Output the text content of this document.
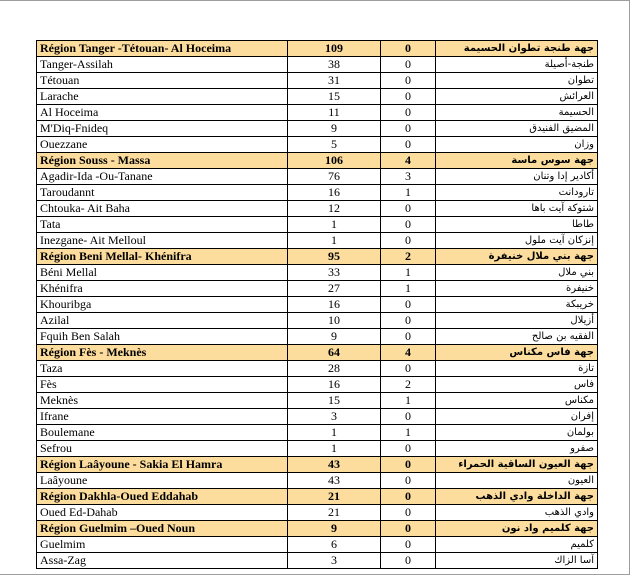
Région Tanger -Tétouan- Al Hoceima	109	0	جهة طنجة تطوان الحسيمة
Tanger-Assilah	38	0	طنجة-أصيلة
Tétouan	31	0	تطوان
Larache	15	0	العرائش
Al Hoceima	11	0	الحسيمة
M'Diq-Fnideq	9	0	المضيق الفنيدق
Ouezzane	5	0	وزان
Région Souss - Massa	106	4	جهة سوس ماسة
Agadir-Ida -Ou-Tanane	76	3	أكادير إدا وتنان
Taroudannt	16	1	تارودانت
Chtouka- Ait Baha	12	0	شتوكة آيت باها
Tata	1	0	طاطا
Inezgane- Ait Melloul	1	0	إنزكان آيت ملول
Région Beni Mellal- Khénifra	95	2	جهة بني ملال خنيفرة
Béni Mellal	33	1	بني ملال
Khénifra	27	1	خنيفرة
Khouribga	16	0	خريبكة
Azilal	10	0	أزيلال
Fquih Ben Salah	9	0	الفقيه بن صالح
Région Fès - Meknès	64	4	جهة فاس مكناس
Taza	28	0	تازة
Fès	16	2	فاس
Meknès	15	1	مكناس
Ifrane	3	0	إفران
Boulemane	1	1	بولمان
Sefrou	1	0	صفرو
Région Laâyoune - Sakia El Hamra	43	0	جهة العيون الساقية الحمراء
Laâyoune	43	0	العيون
Région Dakhla-Oued Eddahab	21	0	جهة الداخلة وادي الذهب
Oued Ed-Dahab	21	0	وادي الذهب
Région Guelmim –Oued Noun	9	0	جهة كلميم واد نون
Guelmim	6	0	كلميم
Assa-Zag	3	0	آسا الزاك
